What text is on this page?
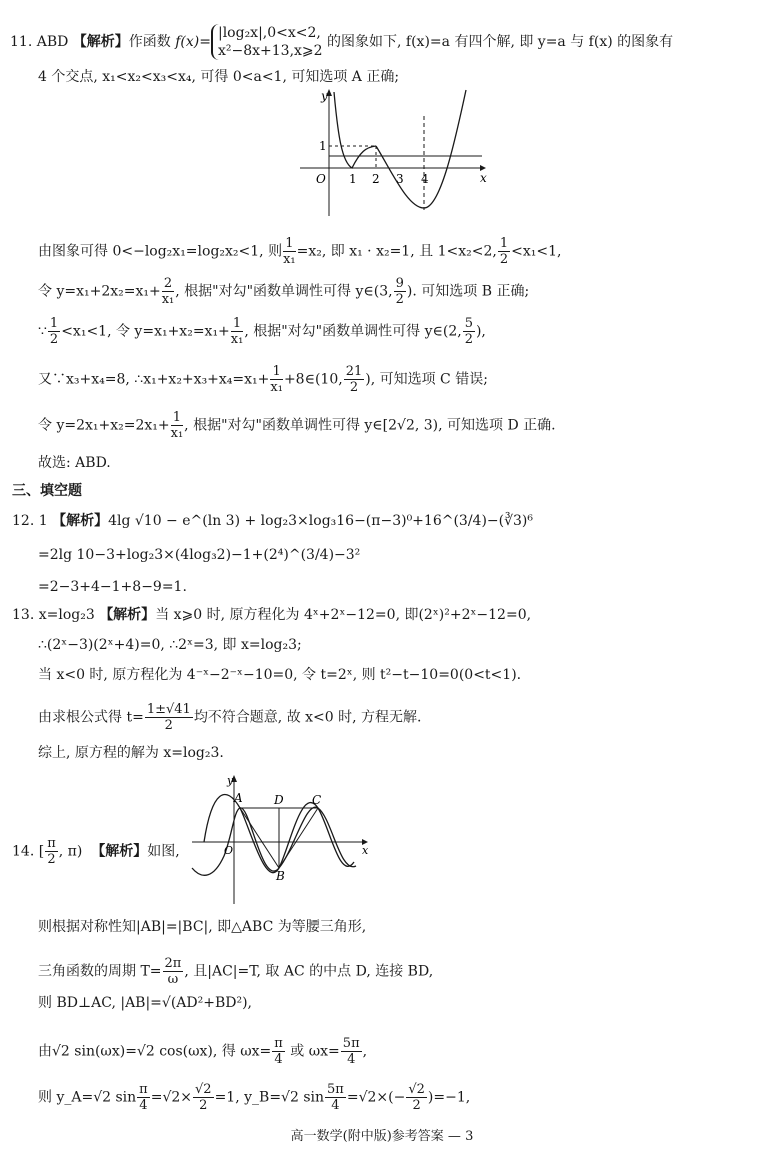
11. ABD 【解析】作函数 f(x)=
|log₂x|,0<x<2,
x²−8x+13,x⩾2
的图象如下, f(x)=a 有四个解, 即 y=a 与 f(x) 的图象有
4 个交点, x₁<x₂<x₃<x₄, 可得 0<a<1, 可知选项 A 正确;
y
x
O
1
1 2 3 4
由图象可得 0<−log₂x₁=log₂x₂<1, 则 $\frac{1}{\text{x₁}} =x_2$, 即 x₁ · x₂=1, 且 1<x₂<2, $\frac{1}{2} <x_1<1$,
令 $y=x_1+2x_2=x_1+ \frac{2}{\text{x₁}}$ , 根据"对勾"函数单调性可得 y∈(3, $\frac{9}{2}$ ). 可知选项 B 正确;
∵ $\frac{1}{2} <x_1<1$, 令 $y=x_1+x_2=x_1+ \frac{1}{\text{x₁}}$ , 根据"对勾"函数单调性可得 y∈(2, $\frac{5}{2}$ ),
又∵x₃+x₄=8, ∴x₁+x₂+x₃+x₄=x₁+ $\frac{1}{\text{x₁}}$ +8∈(10, $\frac{21}{2}$ ), 可知选项 C 错误;
令 $y=2x_1+x_2=2x_1+ \frac{1}{\text{x₁}}$ , 根据"对勾"函数单调性可得 y∈[2√2, 3), 可知选项 D 正确.
故选: ABD.
三、填空题
12. 1 【解析】4lg √10 − e^(ln 3) + log₂3×log₃16−(π−3)⁰+16^(3/4)−(∛3)⁶
=2lg 10−3+log₂3×(4log₃2)−1+(2⁴)^(3/4)−3²
=2−3+4−1+8−9=1.
13. x=log₂3 【解析】当 x⩾0 时, 原方程化为 4ˣ+2ˣ−12=0, 即(2ˣ)²+2ˣ−12=0,
∴(2ˣ−3)(2ˣ+4)=0, ∴2ˣ=3, 即 x=log₂3;
当 x<0 时, 原方程化为 4⁻ˣ−2⁻ˣ−10=0, 令 t=2ˣ, 则 t²−t−10=0(0<t<1).
由求根公式得 $t= \frac{1\pm√41}{2}$ 均不符合题意, 故 x<0 时, 方程无解.
综上, 原方程的解为 x=log₂3.
y
x
O
A
B
C
D
14. [ $\frac{\pi}{2}$ , π) 【解析】如图,
则根据对称性知|AB|=|BC|, 即△ABC 为等腰三角形,
三角函数的周期 $T= \frac{2\pi}{\omega}$ , 且|AC|=T, 取 AC 的中点 D, 连接 BD,
则 BD⊥AC, |AB|=√(AD²+BD²),
由√2 sin(ωx)=√2 cos(ωx), 得 $\omega x= \frac{\pi}{4}$ 或 $\omega x= \frac{5\pi}{4}$ ,
则 y_A=√2 $\sin \frac{\pi}{4} =√2\times \frac{√2}{2} =1$, y_B=√2 $\sin \frac{5\pi}{4} =√2\times(- \frac{√2}{2} )=-1$,
高一数学(附中版)参考答案 — 3
